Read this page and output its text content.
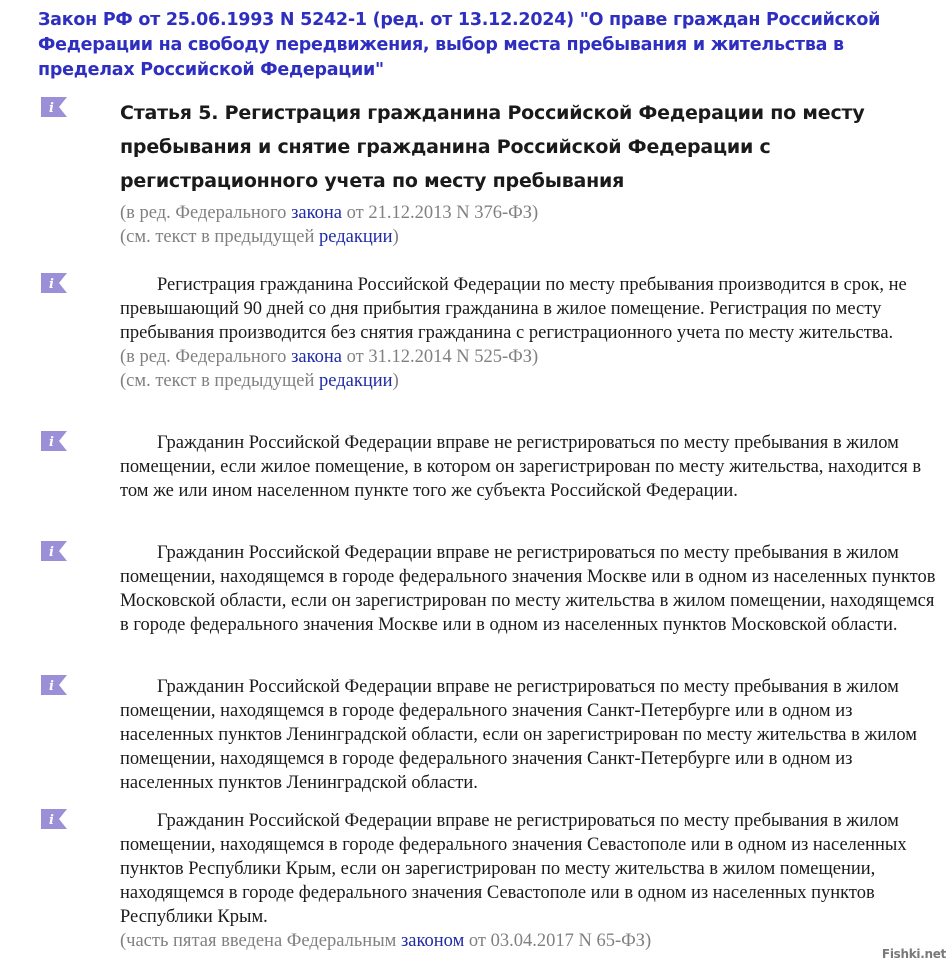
Закон РФ от 25.06.1993 N 5242-1 (ред. от 13.12.2024) "О праве граждан Российской Федерации на свободу передвижения, выбор места пребывания и жительства в пределах Российской Федерации"
i	Статья 5. Регистрация гражданина Российской Федерации по месту пребывания и снятие гражданина Российской Федерации с регистрационного учета по месту пребывания

(в ред. Федерального закона от 21.12.2013 N 376-ФЗ)

(см. текст в предыдущей редакции)

i	Регистрация гражданина Российской Федерации по месту пребывания производится в срок, не превышающий 90 дней со дня прибытия гражданина в жилое помещение. Регистрация по месту пребывания производится без снятия гражданина с регистрационного учета по месту жительства.

(в ред. Федерального закона от 31.12.2014 N 525-ФЗ)

(см. текст в предыдущей редакции)

i	Гражданин Российской Федерации вправе не регистрироваться по месту пребывания в жилом помещении, если жилое помещение, в котором он зарегистрирован по месту жительства, находится в том же или ином населенном пункте того же субъекта Российской Федерации.

i	Гражданин Российской Федерации вправе не регистрироваться по месту пребывания в жилом помещении, находящемся в городе федерального значения Москве или в одном из населенных пунктов Московской области, если он зарегистрирован по месту жительства в жилом помещении, находящемся в городе федерального значения Москве или в одном из населенных пунктов Московской области.

i	Гражданин Российской Федерации вправе не регистрироваться по месту пребывания в жилом помещении, находящемся в городе федерального значения Санкт-Петербурге или в одном из населенных пунктов Ленинградской области, если он зарегистрирован по месту жительства в жилом помещении, находящемся в городе федерального значения Санкт-Петербурге или в одном из населенных пунктов Ленинградской области.

i	Гражданин Российской Федерации вправе не регистрироваться по месту пребывания в жилом помещении, находящемся в городе федерального значения Севастополе или в одном из населенных пунктов Республики Крым, если он зарегистрирован по месту жительства в жилом помещении, находящемся в городе федерального значения Севастополе или в одном из населенных пунктов Республики Крым.

(часть пятая введена Федеральным законом от 03.04.2017 N 65-ФЗ)

Fishki.net
